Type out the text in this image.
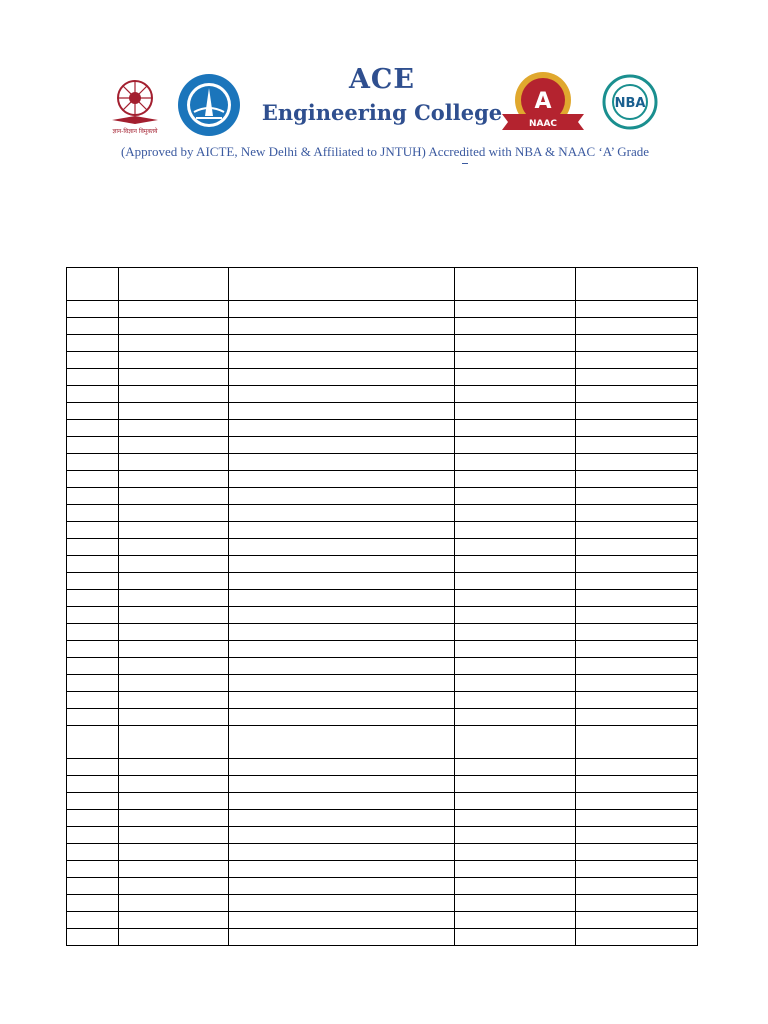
ज्ञान-विज्ञान विमुक्तये
ACE
Engineering College	A
NAAC
NBA
(Approved by AICTE, New Delhi & Affiliated to JNTUH) Accredited with NBA & NAAC ‘A’ Grade
